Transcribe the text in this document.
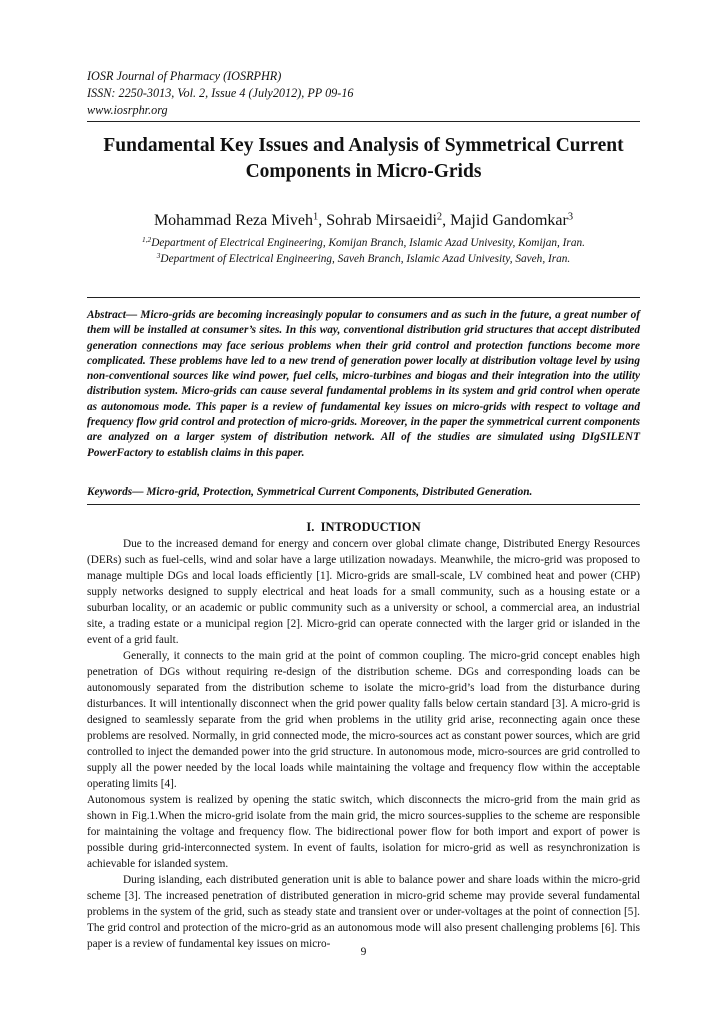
IOSR Journal of Pharmacy (IOSRPHR)
ISSN: 2250-3013, Vol. 2, Issue 4 (July2012), PP 09-16
www.iosrphr.org
Fundamental Key Issues and Analysis of Symmetrical Current
Components in Micro-Grids
Mohammad Reza Miveh$^1$, Sohrab Mirsaeidi$^2$, Majid Gandomkar$^3$
$^{1,2}$Department of Electrical Engineering, Komijan Branch, Islamic Azad Univesity, Komijan, Iran.
$^3$Department of Electrical Engineering, Saveh Branch, Islamic Azad Univesity, Saveh, Iran.
Abstract— Micro-grids are becoming increasingly popular to consumers and as such in the future, a great number of them will be installed at consumer’s sites. In this way, conventional distribution grid structures that accept distributed generation connections may face serious problems when their grid control and protection functions become more complicated. These problems have led to a new trend of generation power locally at distribution voltage level by using non-conventional sources like wind power, fuel cells, micro-turbines and biogas and their integration into the utility distribution system. Micro-grids can cause several fundamental problems in its system and grid control when operate as autonomous mode. This paper is a review of fundamental key issues on micro-grids with respect to voltage and frequency flow grid control and protection of micro-grids. Moreover, in the paper the symmetrical current components are analyzed on a larger system of distribution network. All of the studies are simulated using DIgSILENT PowerFactory to establish claims in this paper.
Keywords— Micro-grid, Protection, Symmetrical Current Components, Distributed Generation.
I. INTRODUCTION

Due to the increased demand for energy and concern over global climate change, Distributed Energy Resources (DERs) such as fuel-cells, wind and solar have a large utilization nowadays. Meanwhile, the micro-grid was proposed to manage multiple DGs and local loads efficiently [1]. Micro-grids are small-scale, LV combined heat and power (CHP) supply networks designed to supply electrical and heat loads for a small community, such as a housing estate or a suburban locality, or an academic or public community such as a university or school, a commercial area, an industrial site, a trading estate or a municipal region [2]. Micro-grid can operate connected with the larger grid or islanded in the event of a grid fault.

Generally, it connects to the main grid at the point of common coupling. The micro-grid concept enables high penetration of DGs without requiring re-design of the distribution scheme. DGs and corresponding loads can be autonomously separated from the distribution scheme to isolate the micro-grid’s load from the disturbance during disturbances. It will intentionally disconnect when the grid power quality falls below certain standard [3]. A micro-grid is designed to seamlessly separate from the grid when problems in the utility grid arise, reconnecting again once these problems are resolved. Normally, in grid connected mode, the micro-sources act as constant power sources, which are grid controlled to inject the demanded power into the grid structure. In autonomous mode, micro-sources are grid controlled to supply all the power needed by the local loads while maintaining the voltage and frequency flow within the acceptable operating limits [4].

Autonomous system is realized by opening the static switch, which disconnects the micro-grid from the main grid as shown in Fig.1.When the micro-grid isolate from the main grid, the micro sources-supplies to the scheme are responsible for maintaining the voltage and frequency flow. The bidirectional power flow for both import and export of power is possible during grid-interconnected system. In event of faults, isolation for micro-grid as well as resynchronization is achievable for islanded system.

During islanding, each distributed generation unit is able to balance power and share loads within the micro-grid scheme [3]. The increased penetration of distributed generation in micro-grid scheme may provide several fundamental problems in the system of the grid, such as steady state and transient over or under-voltages at the point of connection [5]. The grid control and protection of the micro-grid as an autonomous mode will also present challenging problems [6]. This paper is a review of fundamental key issues on micro-

9
